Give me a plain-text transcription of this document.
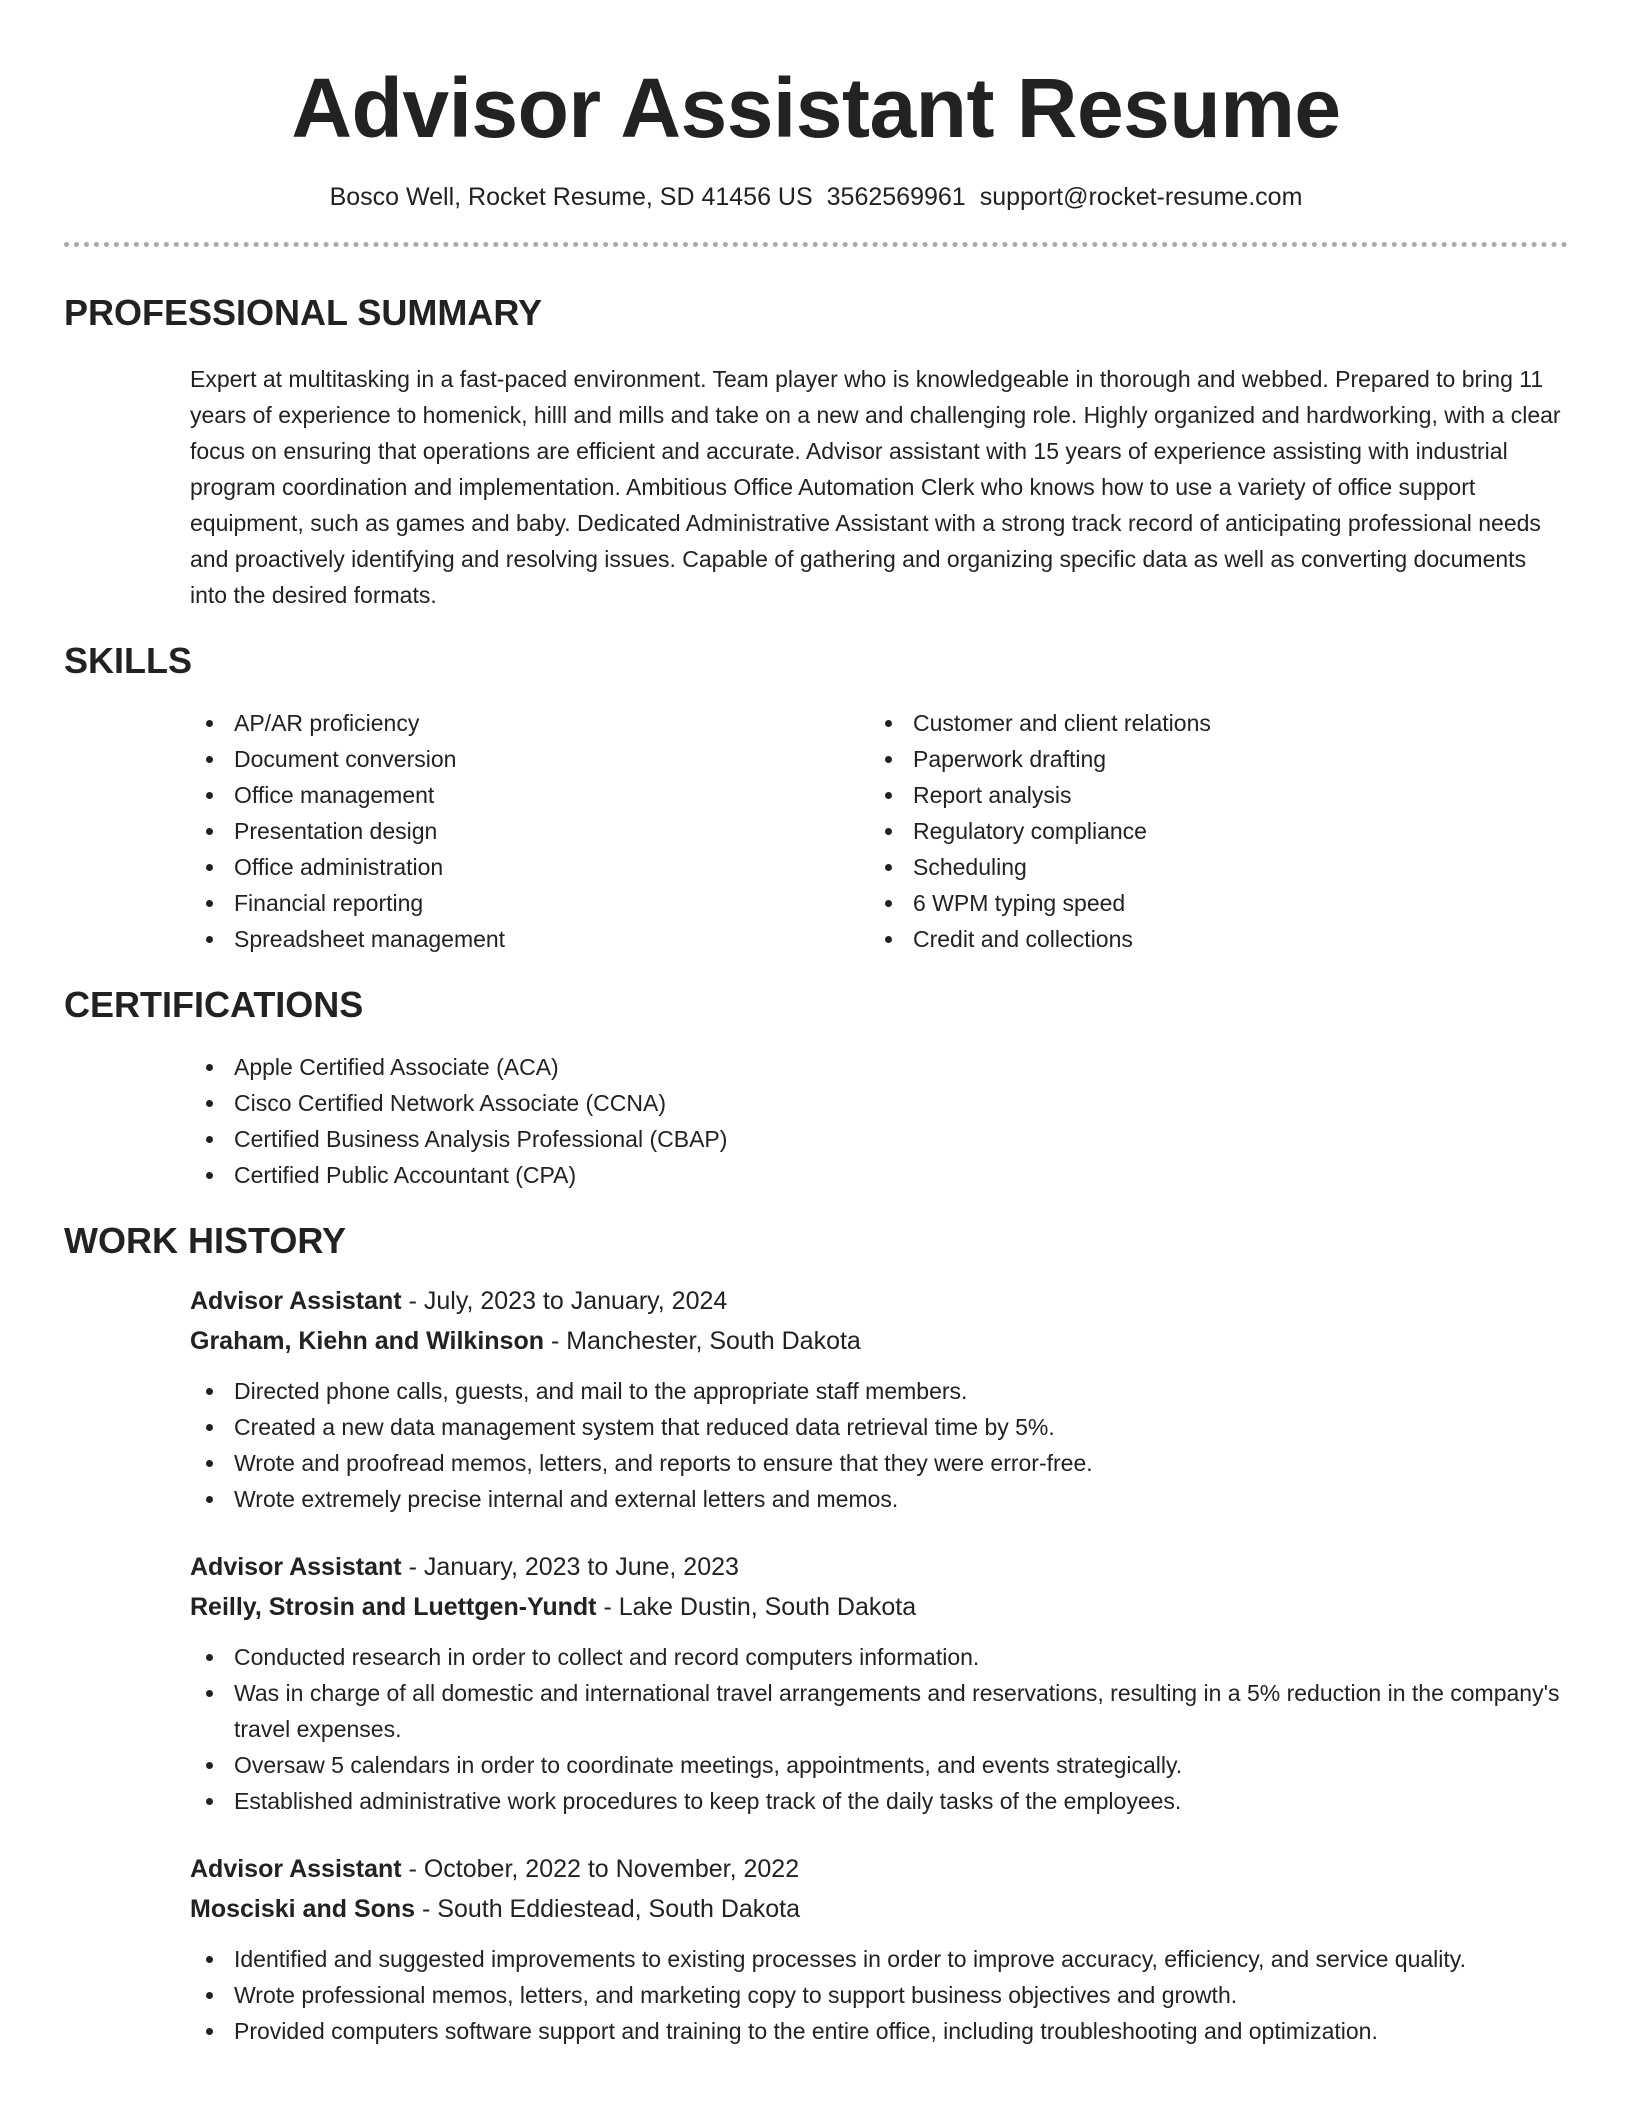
Advisor Assistant Resume
Bosco Well, Rocket Resume, SD 41456 US 3562569961 support@rocket-resume.com
PROFESSIONAL SUMMARY

Expert at multitasking in a fast-paced environment. Team player who is knowledgeable in thorough and webbed. Prepared to bring 11 years of experience to homenick, hilll and mills and take on a new and challenging role. Highly organized and hardworking, with a clear focus on ensuring that operations are efficient and accurate. Advisor assistant with 15 years of experience assisting with industrial program coordination and implementation. Ambitious Office Automation Clerk who knows how to use a variety of office support equipment, such as games and baby. Dedicated Administrative Assistant with a strong track record of anticipating professional needs and proactively identifying and resolving issues. Capable of gathering and organizing specific data as well as converting documents into the desired formats.

SKILLS
AP/AR proficiency
Document conversion
Office management
Presentation design
Office administration
Financial reporting
Spreadsheet management
Customer and client relations
Paperwork drafting
Report analysis
Regulatory compliance
Scheduling
6 WPM typing speed
Credit and collections
CERTIFICATIONS
Apple Certified Associate (ACA)
Cisco Certified Network Associate (CCNA)
Certified Business Analysis Professional (CBAP)
Certified Public Accountant (CPA)
WORK HISTORY
Advisor Assistant - July, 2023 to January, 2024
Graham, Kiehn and Wilkinson - Manchester, South Dakota
Directed phone calls, guests, and mail to the appropriate staff members.
Created a new data management system that reduced data retrieval time by 5%.
Wrote and proofread memos, letters, and reports to ensure that they were error-free.
Wrote extremely precise internal and external letters and memos.
Advisor Assistant - January, 2023 to June, 2023
Reilly, Strosin and Luettgen-Yundt - Lake Dustin, South Dakota
Conducted research in order to collect and record computers information.
Was in charge of all domestic and international travel arrangements and reservations, resulting in a 5% reduction in the company's travel expenses.
Oversaw 5 calendars in order to coordinate meetings, appointments, and events strategically.
Established administrative work procedures to keep track of the daily tasks of the employees.
Advisor Assistant - October, 2022 to November, 2022
Mosciski and Sons - South Eddiestead, South Dakota
Identified and suggested improvements to existing processes in order to improve accuracy, efficiency, and service quality.
Wrote professional memos, letters, and marketing copy to support business objectives and growth.
Provided computers software support and training to the entire office, including troubleshooting and optimization.
